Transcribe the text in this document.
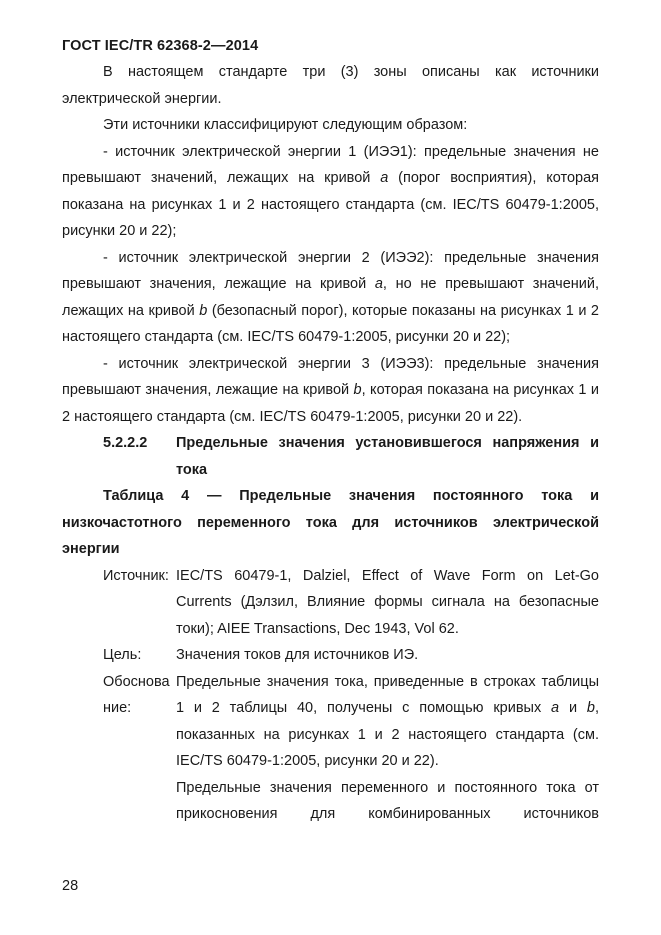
ГОСТ IEC/TR 62368-2—2014

В настоящем стандарте три (3) зоны описаны как источники электрической энергии.

Эти источники классифицируют следующим образом:

- источник электрической энергии 1 (ИЭЭ1): предельные значения не превышают значений, лежащих на кривой a (порог восприятия), которая показана на рисунках 1 и 2 настоящего стандарта (см. IEC/TS 60479-1:2005, рисунки 20 и 22);

- источник электрической энергии 2 (ИЭЭ2): предельные значения превышают значения, лежащие на кривой a, но не превышают значений, лежащих на кривой b (безопасный порог), которые показаны на рисунках 1 и 2 настоящего стандарта (см. IEC/TS 60479-1:2005, рисунки 20 и 22);

- источник электрической энергии 3 (ИЭЭ3): предельные значения превышают значения, лежащие на кривой b, которая показана на рисунках 1 и 2 настоящего стандарта (см. IEC/TS 60479-1:2005, рисунки 20 и 22).

5.2.2.2	Предельные значения установившегося напряжения и тока

Таблица 4 — Предельные значения постоянного тока и низкочастотного переменного тока для источников электрической энергии

Источник: IEC/TS 60479-1, Dalziel, Effect of Wave Form on Let-Go Currents (Дэлзил, Влияние формы сигнала на безопасные токи); AIEE Transactions, Dec 1943, Vol 62.
Цель:	Значения токов для источников ИЭ.
Обоснование:
Предельные значения тока, приведенные в строках таблицы 1 и 2 таблицы 40, получены с помощью кривых a и b, показанных на рисунках 1 и 2 настоящего стандарта (см. IEC/TS 60479-1:2005, рисунки 20 и 22).
Предельные значения переменного и постоянного тока от прикосновения для комбинированных источников
28
